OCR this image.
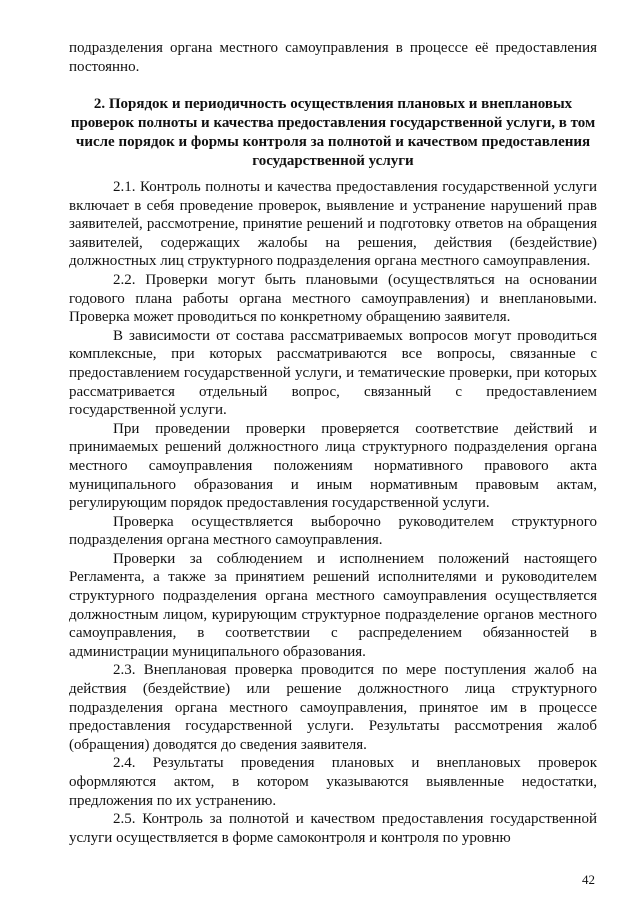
подразделения органа местного самоуправления в процессе её предоставления постоянно.

2. Порядок и периодичность осуществления плановых и внеплановых проверок полноты и качества предоставления государственной услуги, в том числе порядок и формы контроля за полнотой и качеством предоставления государственной услуги

2.1. Контроль полноты и качества предоставления государственной услуги включает в себя проведение проверок, выявление и устранение нарушений прав заявителей, рассмотрение, принятие решений и подготовку ответов на обращения заявителей, содержащих жалобы на решения, действия (бездействие) должностных лиц структурного подразделения органа местного самоуправления.

2.2. Проверки могут быть плановыми (осуществляться на основании годового плана работы органа местного самоуправления) и внеплановыми. Проверка может проводиться по конкретному обращению заявителя.

В зависимости от состава рассматриваемых вопросов могут проводиться комплексные, при которых рассматриваются все вопросы, связанные с предоставлением государственной услуги, и тематические проверки, при которых рассматривается отдельный вопрос, связанный с предоставлением государственной услуги.

При проведении проверки проверяется соответствие действий и принимаемых решений должностного лица структурного подразделения органа местного самоуправления положениям нормативного правового акта муниципального образования и иным нормативным правовым актам, регулирующим порядок предоставления государственной услуги.

Проверка осуществляется выборочно руководителем структурного подразделения органа местного самоуправления.

Проверки за соблюдением и исполнением положений настоящего Регламента, а также за принятием решений исполнителями и руководителем структурного подразделения органа местного самоуправления осуществляется должностным лицом, курирующим структурное подразделение органов местного самоуправления, в соответствии с распределением обязанностей в администрации муниципального образования.

2.3. Внеплановая проверка проводится по мере поступления жалоб на действия (бездействие) или решение должностного лица структурного подразделения органа местного самоуправления, принятое им в процессе предоставления государственной услуги. Результаты рассмотрения жалоб (обращения) доводятся до сведения заявителя.

2.4. Результаты проведения плановых и внеплановых проверок оформляются актом, в котором указываются выявленные недостатки, предложения по их устранению.

2.5. Контроль за полнотой и качеством предоставления государственной услуги осуществляется в форме самоконтроля и контроля по уровню

42
